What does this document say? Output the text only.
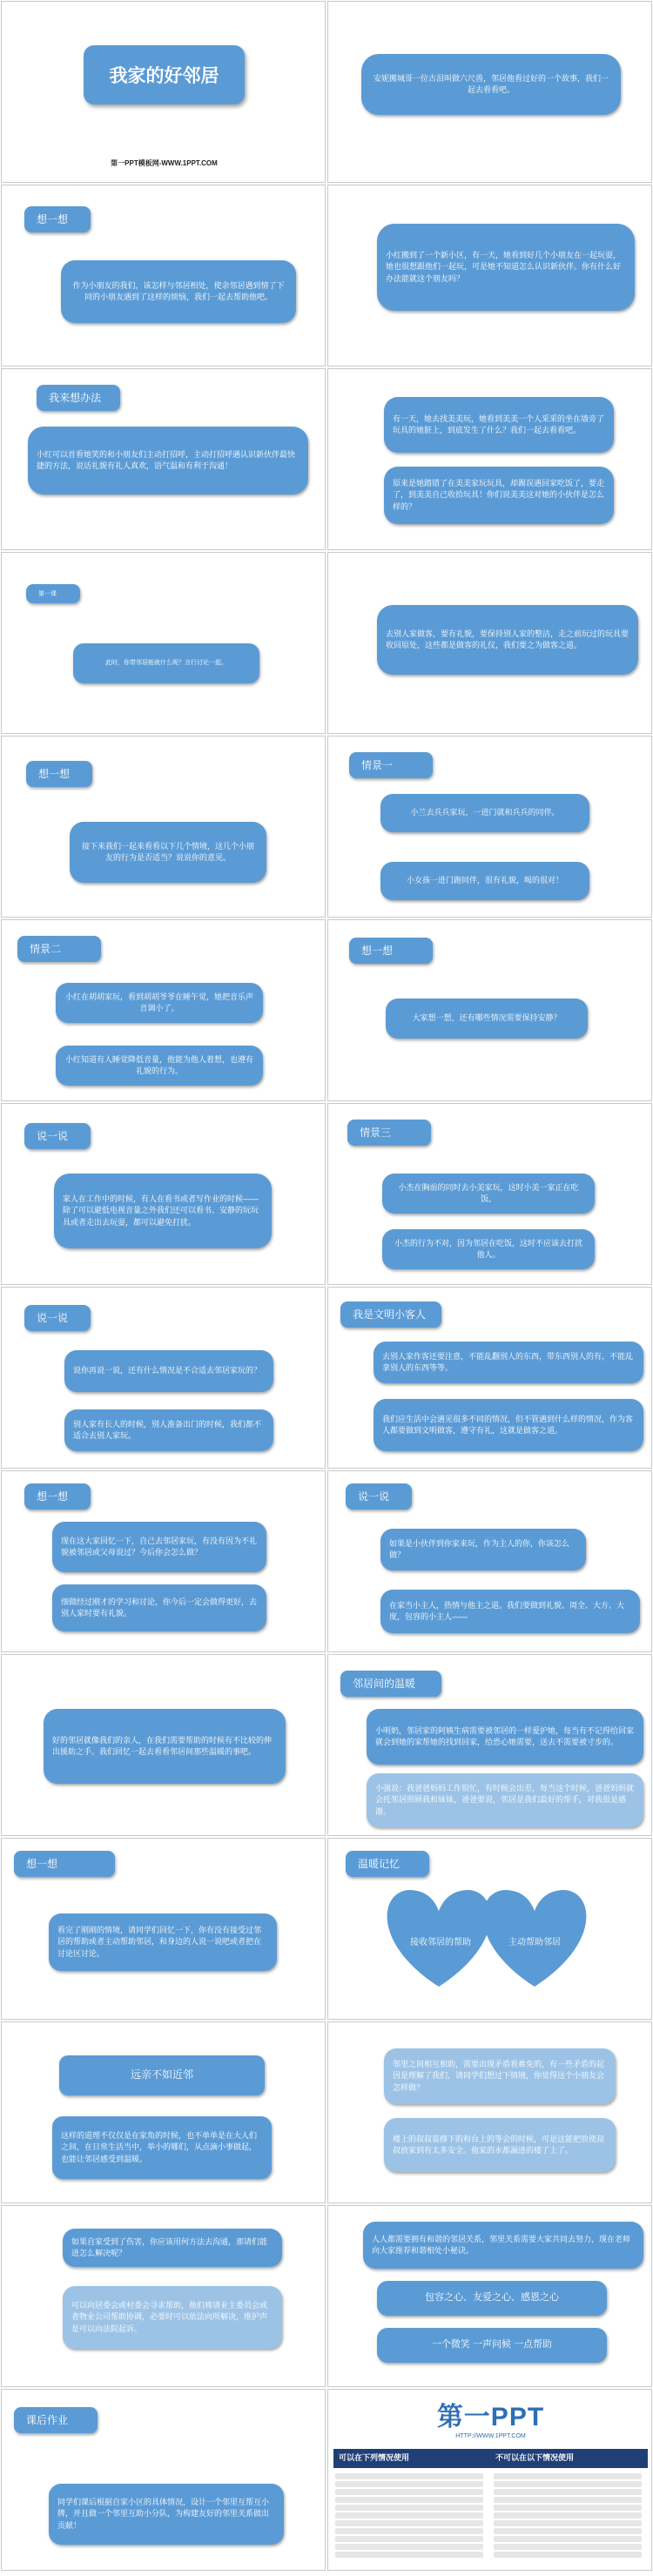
我家的好邻居
第一PPT模板网-WWW.1PPT.COM
安妮搬城哥一位古泪叫做六尺兽，邻居他看过好的一个故事，我们一起去看看吧。
想一想
作为小朋友的我们，该怎样与邻居相处，使余邻居遇到情了下同的小朋友遇到了这样的烦恼，我们一起去帮助他吧。
小红搬到了一个新小区，有一天，她看到好几个小朋友在一起玩耍，她也很想跟他们一起玩，可是她不知道怎么认识新伙伴。你有什么好办法能就这个朋友吗？
我来想办法
小红可以首看她笑的和小朋友们主动打招呼，主动打招呼遇认识新伙伴最快捷的方法，说话礼貌有礼人真欢，语气温和有利于沟通！
有一天，她去找美美玩，她看到美美一个人采采的坐在墙旁了玩具的她脏上，到底发生了什么？我们一起去看看吧。
原来是她踏错了在美美家玩玩具，却踢误遇回家吃饭了，要走了，到美美自己收拾玩具！你们说美美这对她的小伙伴是怎么样的？
第一课
此时，你带邻居能就什么呢？言行讨论一起。
去别人家做客，要有礼貌，要保持别人家的整洁，走之前玩过的玩具要收回原处，这些都是做客的礼仪，我们要之为做客之道。
想一想
接下来我们一起来看看以下几个情境，这几个小朋友的行为是否适当？说说你的意见。
情景一
小兰去兵兵家玩，一进门就和兵兵的同伴。
小女孩一进门跑同伴，很有礼貌，喝的很对！
情景二
小红在胡胡家玩，看到胡胡爷爷在睡午觉，她把音乐声音调小了。
小红知道有人睡觉降低音量，他能为他人着想，也遵有礼貌的行为。
想一想
大家想一想，还有哪些情况需要保持安静？
说一说
家人在工作中的时候，有人在看书或者写作业的时候——除了可以避低电视音量之外我们还可以看书、安静的玩玩具或者走出去玩耍，都可以避免打扰。
情景三
小杰在胸前的同时去小美家玩，这时小美一家正在吃饭。
小杰的行为不对，因为邻居在吃饭，这时不应该去打扰他人。
说一说
说你再说一说，还有什么情况是不合适去邻居家玩的？
别人家有长人的时候，别人准备出门的时候，我们都不适合去别人家玩。
我是文明小客人
去别人家作客还要注意，不能乱翻别人的东西，带东西别人的有，不能乱拿别人的东西等等。
我们应生活中会遇见很多不同的情况，但不管遇到什么样的情况，作为客人都要做到文明做客，遵守有礼，这就是做客之道。
想一想
现在这大家回忆一下，自己去邻居家玩，有没有因为不礼貌被邻居或父母说过？今后你会怎么做？
细做经过刚才的学习和讨论，你今后一定会做得更好，去别人家时要有礼貌。
说一说
如果是小伙伴到你家来玩，作为主人的你，你该怎么做？
在家当小主人，热情与他主之道。我们要做到礼貌、周全、大方、大度，包容的小主人——
好的邻居就像我们的亲人，在我们需要帮助的时候有不比较的伸出援助之手。我们回忆一起去看看邻居间那些温暖的事吧。
邻居间的温暖
小明奶，邻居家的阿姨生病需要被邻居的一样爱护她，每当有不记得给回家就会到她的家帮她的找到回家，给恐心她需要，送去不需要被寸步的。
小强说：我爸爸妈妈工作很忙，有时候会出差，每当这个时候，爸爸妈妈就会托邻居照顾我和妹妹，爸爸要说，邻居是我们最好的帮手，对我很是感谢。
想一想
看完了刚刚的情境，请同学们回忆一下，你有没有接受过邻居的帮助或者主动帮助邻居，和身边的人说一说吧或者把在讨论区讨论。
温暖记忆
接收邻居的帮助	主动帮助邻居
远亲不如近邻
这样的道理不仅仅是在家角的时候，也不单单是在大人们之间，在日常生活当中，举小的哪们，从点滴小事做起，也能让邻居感受到温暖。
邻里之间相互相助，需要出现矛盾看难免的，有一些矛盾的起因是理解了我们，请同学们想过下情境，你觉得这个小朋友会怎样做？
楼上的叔叔装修下的和台上的等会的时候，可是这能把放使叔叔放家到有太多安全。他家的水都漏进的楼了上了。
如果自家受到了伤害，你应该用何方法去沟通，那请们能进怎么解决呢？
可以向居委会或村委会寻求帮助，他们将请业主委员会或者物业公司帮助协调，必要时可以依法向所解决，维护声是可以向法院起诉。
人人都需要拥有和谐的邻居关系，邻里关系需要大家共同去努力，现在老师向大家推荐和谐相处小秘诀。
包容之心、友爱之心、感恩之心
一个微笑 一声问候 一点帮助
课后作业
同学们课后根据自家小区的具体情况，设计一个邻里互帮互小牌，并且做一个邻里互助小分队，为构建友好的邻里关系做出贡献！
第一PPT
HTTP://WWW.1PPT.COM
可以在下列情况使用	不可以在以下情况使用
